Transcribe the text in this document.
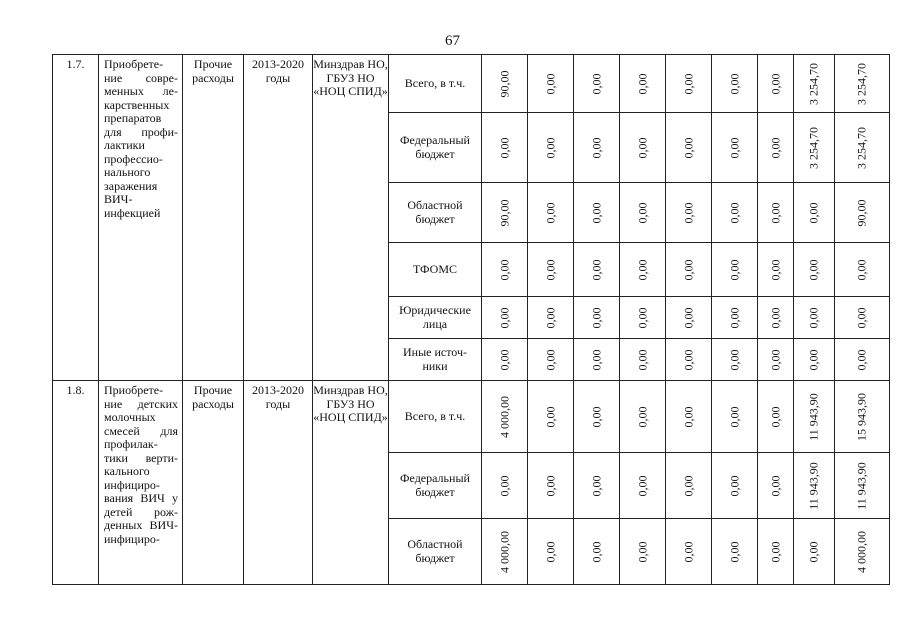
67
1.7.	Приобрете-ние совре-менных ле-карственных препаратов для профи-лактики профессио-нального заражения ВИЧ-инфекцией	Прочие расходы	2013-2020 годы	Минздрав НО, ГБУЗ НО «НОЦ СПИД»	Всего, в т.ч.	90,00	0,00	0,00	0,00	0,00	0,00	0,00	3 254,70	3 254,70

					Федеральный бюджет	0,00	0,00	0,00	0,00	0,00	0,00	0,00	3 254,70	3 254,70

					Областной бюджет	90,00	0,00	0,00	0,00	0,00	0,00	0,00	0,00	90,00

					ТФОМС	0,00	0,00	0,00	0,00	0,00	0,00	0,00	0,00	0,00

					Юридические лица	0,00	0,00	0,00	0,00	0,00	0,00	0,00	0,00	0,00

					Иные источ-ники	0,00	0,00	0,00	0,00	0,00	0,00	0,00	0,00	0,00

1.8.	Приобрете-ние детских молочных смесей для профилак-тики верти-кального инфициро-вания ВИЧ у детей рож-денных ВИЧ-инфициро-	Прочие расходы	2013-2020 годы	Минздрав НО, ГБУЗ НО «НОЦ СПИД»	Всего, в т.ч.	4 000,00	0,00	0,00	0,00	0,00	0,00	0,00	11 943,90	15 943,90

					Федеральный бюджет	0,00	0,00	0,00	0,00	0,00	0,00	0,00	11 943,90	11 943,90

					Областной бюджет	4 000,00	0,00	0,00	0,00	0,00	0,00	0,00	0,00	4 000,00
